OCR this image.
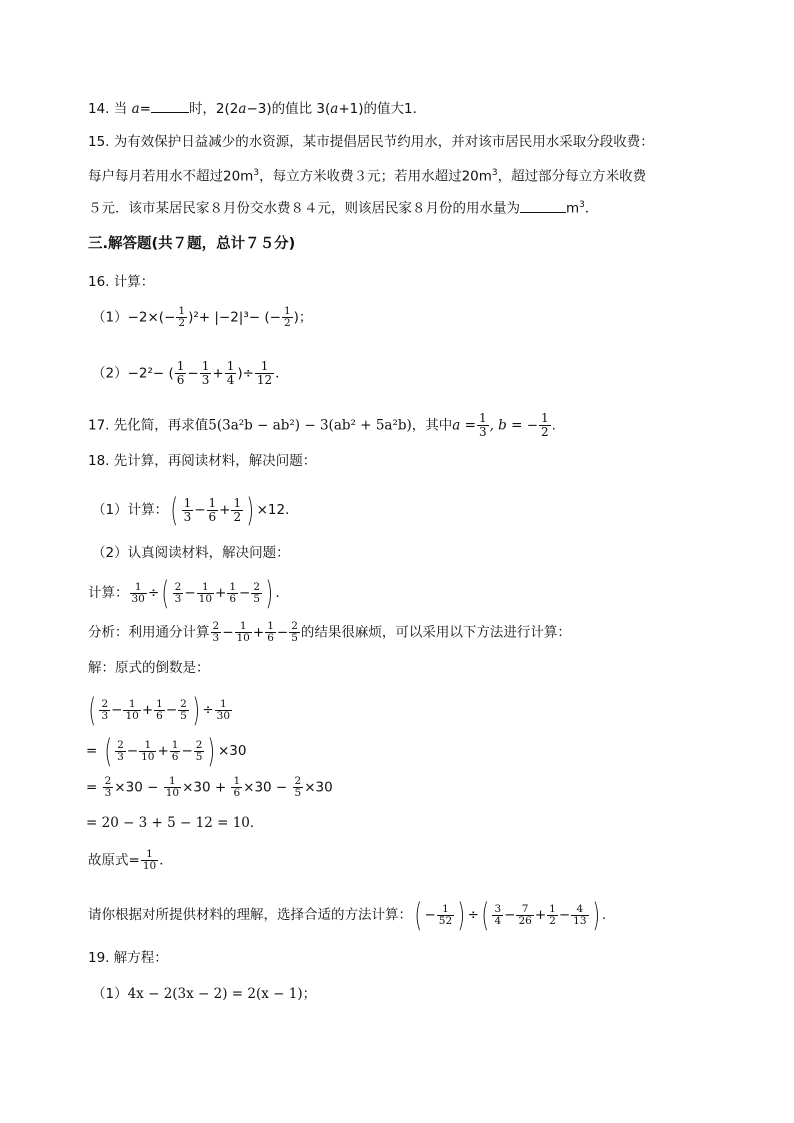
14. 当 a=	时，2(2a−3)的值比 3(a+1)的值大1．
15. 为有效保护日益减少的水资源，某市提倡居民节约用水，并对该市居民用水采取分段收费：
每户每月若用水不超过$20m^3$，每立方米收费３元；若用水超过$20m^3$，超过部分每立方米收费
５元．该市某居民家８月份交水费８４元，则该居民家８月份的用水量为	$m^3$．
三.解答题(共７题，总计７５分)
16. 计算：
$(1)-2\times(- \frac{1}{2} )^2+ |-2|^3-$ (− $\frac{1}{2}$ )；
（2）−2²− ( $\frac{1}{6} - \frac{1}{3} + \frac{1}{4}$ )÷ $\frac{1}{12}$ ．
17. 先化简，再求值5(3a²b − ab²) − 3(ab² + 5a²b)，其中$a = \frac{1}{3}$ , b = − $\frac{1}{2}$ .
18. 先计算，再阅读材料，解决问题：
（1）计算：( $\frac{1}{3} - \frac{1}{6} + \frac{1}{2}$ ) ×12．
（2）认真阅读材料，解决问题：
计算： $\frac{1}{30}$ ÷( $\frac{2}{3} - \frac{1}{10} + \frac{1}{6} - \frac{2}{5}$ ) ．
分析：利用通分计算 $\frac{2}{3} - \frac{1}{10} + \frac{1}{6} - \frac{2}{5}$ 的结果很麻烦，可以采用以下方法进行计算：
解：原式的倒数是：
( $\frac{2}{3} - \frac{1}{10} + \frac{1}{6} - \frac{2}{5}$ ) ÷ $\frac{1}{30}$
= ( $\frac{2}{3} - \frac{1}{10} + \frac{1}{6} - \frac{2}{5}$ ) ×30
= $\frac{2}{3} \times 30 - \frac{1}{10} \times 30 + \frac{1}{6} \times 30 - \frac{2}{5} \times 30$
= 20 − 3 + 5 − 12 = 10．
故原式= $\frac{1}{10}$ ．
请你根据对所提供材料的理解，选择合适的方法计算：( − $\frac{1}{52}$ ) ÷( $\frac{3}{4} - \frac{7}{26} + \frac{1}{2} - \frac{4}{13}$ ) ．
19. 解方程：
（1）4x − 2(3x − 2) = 2(x − 1)；
